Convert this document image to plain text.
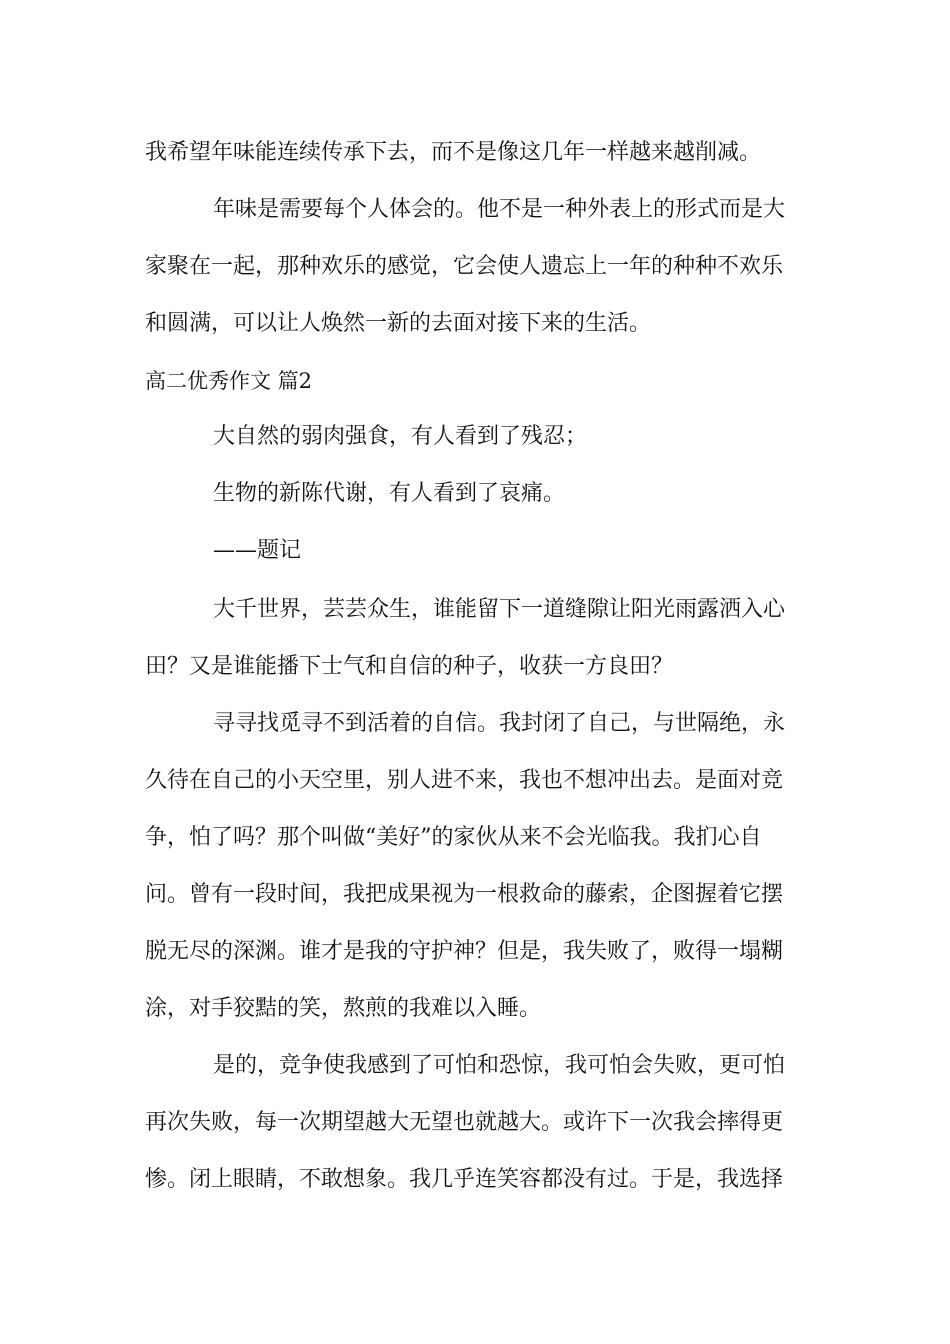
我希望年味能连续传承下去，而不是像这几年一样越来越削减。
年味是需要每个人体会的。他不是一种外表上的形式而是大
家聚在一起，那种欢乐的感觉，它会使人遗忘上一年的种种不欢乐
和圆满，可以让人焕然一新的去面对接下来的生活。
高二优秀作文 篇2
大自然的弱肉强食，有人看到了残忍；
生物的新陈代谢，有人看到了哀痛。
——题记
大千世界，芸芸众生，谁能留下一道缝隙让阳光雨露洒入心
田？又是谁能播下士气和自信的种子，收获一方良田？
寻寻找觅寻不到活着的自信。我封闭了自己，与世隔绝，永
久待在自己的小天空里，别人进不来，我也不想冲出去。是面对竞
争，怕了吗？那个叫做“美好”的家伙从来不会光临我。我扪心自
问。曾有一段时间，我把成果视为一根救命的藤索，企图握着它摆
脱无尽的深渊。谁才是我的守护神？但是，我失败了，败得一塌糊
涂，对手狡黠的笑，熬煎的我难以入睡。
是的，竞争使我感到了可怕和恐惊，我可怕会失败，更可怕
再次失败，每一次期望越大无望也就越大。或许下一次我会摔得更
惨。闭上眼睛，不敢想象。我几乎连笑容都没有过。于是，我选择
